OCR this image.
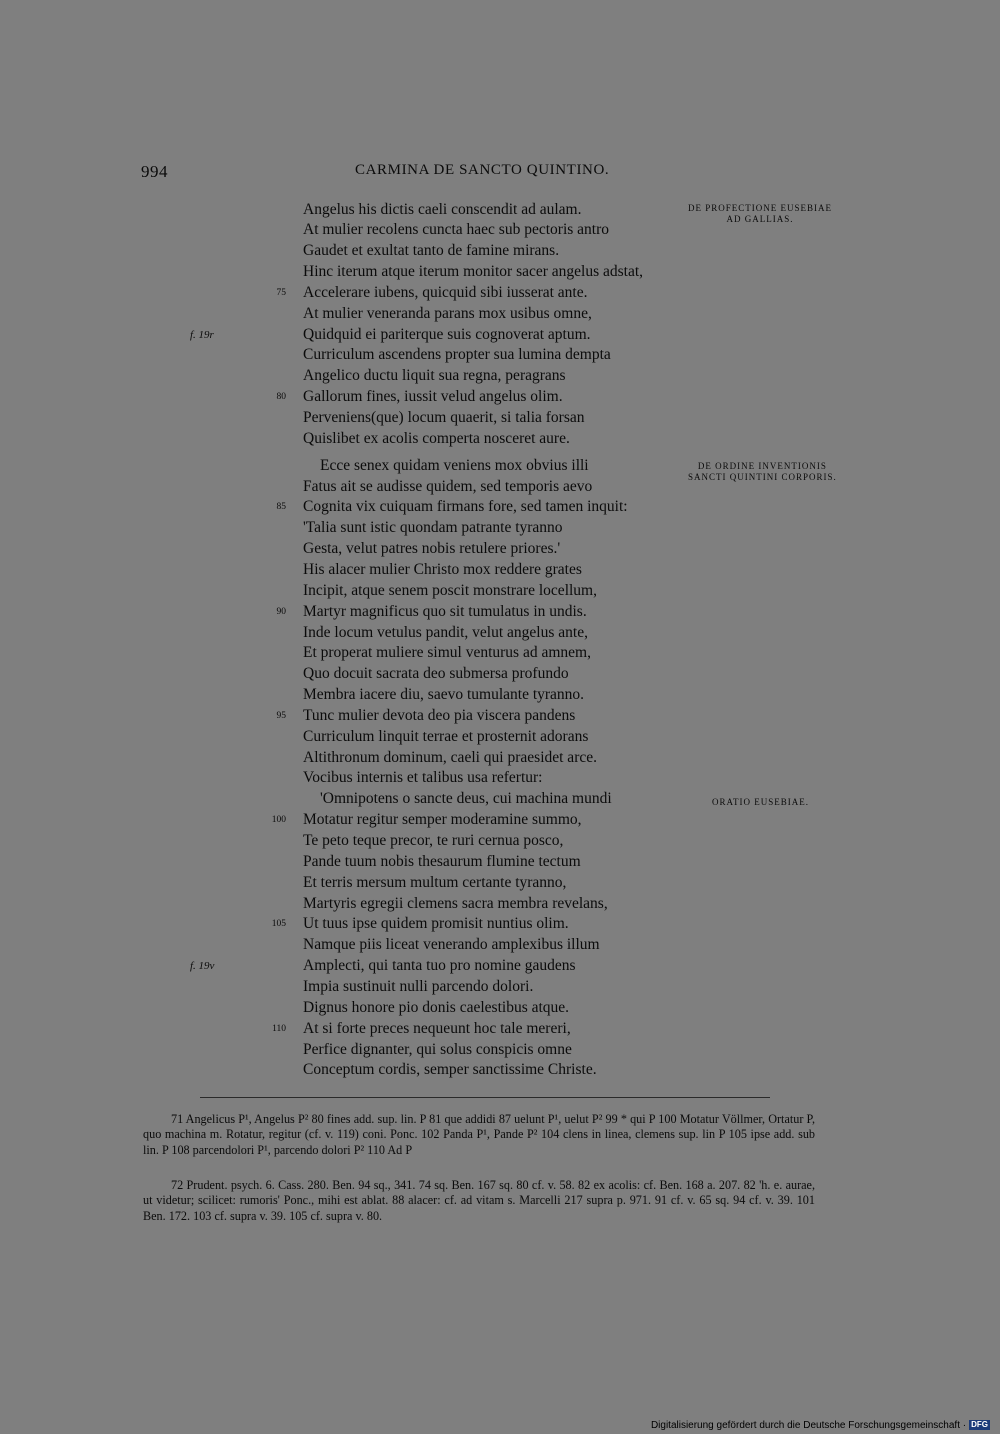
994	CARMINA DE SANCTO QUINTINO.
Angelus his dictis caeli conscendit ad aulam.
At mulier recolens cuncta haec sub pectoris antro
Gaudet et exultat tanto de famine mirans.
Hinc iterum atque iterum monitor sacer angelus adstat,
Accelerare iubens, quicquid sibi iusserat ante.
75
At mulier veneranda parans mox usibus omne,
Quidquid ei pariterque suis cognoverat aptum.
f. 19r
Curriculum ascendens propter sua lumina dempta
Angelico ductu liquit sua regna, peragrans
Gallorum fines, iussit velud angelus olim.
80
Perveniens(que) locum quaerit, si talia forsan
Quislibet ex acolis comperta nosceret aure.
Ecce senex quidam veniens mox obvius illi
Fatus ait se audisse quidem, sed temporis aevo
Cognita vix cuiquam firmans fore, sed tamen inquit:
85
'Talia sunt istic quondam patrante tyranno
Gesta, velut patres nobis retulere priores.'
His alacer mulier Christo mox reddere grates
Incipit, atque senem poscit monstrare locellum,
Martyr magnificus quo sit tumulatus in undis.
90
Inde locum vetulus pandit, velut angelus ante,
Et properat muliere simul venturus ad amnem,
Quo docuit sacrata deo submersa profundo
Membra iacere diu, saevo tumulante tyranno.
Tunc mulier devota deo pia viscera pandens
95
Curriculum linquit terrae et prosternit adorans
Altithronum dominum, caeli qui praesidet arce.
Vocibus internis et talibus usa refertur:
'Omnipotens o sancte deus, cui machina mundi
Motatur regitur semper moderamine summo,
100
Te peto teque precor, te ruri cernua posco,
Pande tuum nobis thesaurum flumine tectum
Et terris mersum multum certante tyranno,
Martyris egregii clemens sacra membra revelans,
Ut tuus ipse quidem promisit nuntius olim.
105
Namque piis liceat venerando amplexibus illum
Amplecti, qui tanta tuo pro nomine gaudens
f. 19v
Impia sustinuit nulli parcendo dolori.
Dignus honore pio donis caelestibus atque.
At si forte preces nequeunt hoc tale mereri,
110
Perfice dignanter, qui solus conspicis omne
Conceptum cordis, semper sanctissime Christe.
DE PROFECTIONE EUSEBIAE
AD GALLIAS.
DE ORDINE INVENTIONIS
SANCTI QUINTINI CORPORIS.
ORATIO EUSEBIAE.
71 Angelicus P¹, Angelus P² 80 fines add. sup. lin. P 81 que addidi 87 uelunt P¹, uelut P² 99 * qui P 100 Motatur Völlmer, Ortatur P, quo machina m. Rotatur, regitur (cf. v. 119) coni. Ponc. 102 Panda P¹, Pande P² 104 clens in linea, clemens sup. lin P 105 ipse add. sub lin. P 108 parcendolori P¹, parcendo dolori P² 110 Ad P
72 Prudent. psych. 6. Cass. 280. Ben. 94 sq., 341. 74 sq. Ben. 167 sq. 80 cf. v. 58. 82 ex acolis: cf. Ben. 168 a. 207. 82 'h. e. aurae, ut videtur; scilicet: rumoris' Ponc., mihi est ablat. 88 alacer: cf. ad vitam s. Marcelli 217 supra p. 971. 91 cf. v. 65 sq. 94 cf. v. 39. 101 Ben. 172. 103 cf. supra v. 39. 105 cf. supra v. 80.
Digitalisierung gefördert durch die Deutsche Forschungsgemeinschaft · DFG
